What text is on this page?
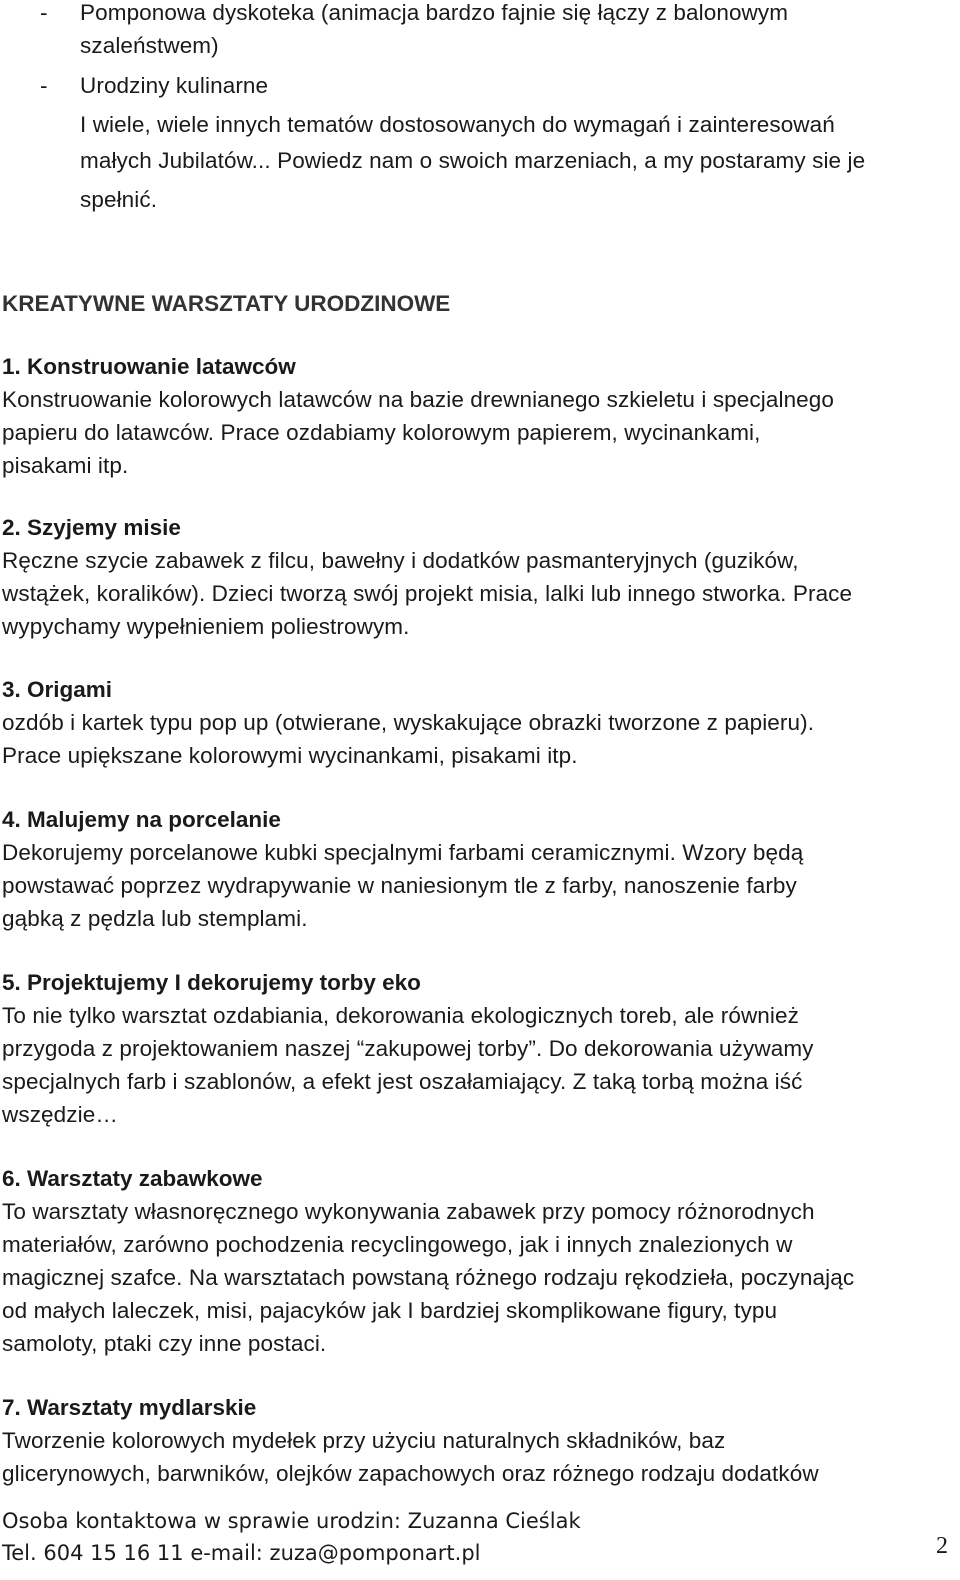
- Pomponowa dyskoteka (animacja bardzo fajnie się łączy z balonowym
szaleństwem)
- Urodziny kulinarne
I wiele, wiele innych tematów dostosowanych do wymagań i zainteresowań
małych Jubilatów... Powiedz nam o swoich marzeniach, a my postaramy sie je
spełnić.
KREATYWNE WARSZTATY URODZINOWE
1. Konstruowanie latawców
Konstruowanie kolorowych latawców na bazie drewnianego szkieletu i specjalnego
papieru do latawców. Prace ozdabiamy kolorowym papierem, wycinankami,
pisakami itp.
2. Szyjemy misie
Ręczne szycie zabawek z filcu, bawełny i dodatków pasmanteryjnych (guzików,
wstążek, koralików). Dzieci tworzą swój projekt misia, lalki lub innego stworka. Prace
wypychamy wypełnieniem poliestrowym.
3. Origami
ozdób i kartek typu pop up (otwierane, wyskakujące obrazki tworzone z papieru).
Prace upiększane kolorowymi wycinankami, pisakami itp.
4. Malujemy na porcelanie
Dekorujemy porcelanowe kubki specjalnymi farbami ceramicznymi. Wzory będą
powstawać poprzez wydrapywanie w naniesionym tle z farby, nanoszenie farby
gąbką z pędzla lub stemplami.
5. Projektujemy I dekorujemy torby eko
To nie tylko warsztat ozdabiania, dekorowania ekologicznych toreb, ale również
przygoda z projektowaniem naszej “zakupowej torby”. Do dekorowania używamy
specjalnych farb i szablonów, a efekt jest oszałamiający. Z taką torbą można iść
wszędzie…
6. Warsztaty zabawkowe
To warsztaty własnoręcznego wykonywania zabawek przy pomocy różnorodnych
materiałów, zarówno pochodzenia recyclingowego, jak i innych znalezionych w
magicznej szafce. Na warsztatach powstaną różnego rodzaju rękodzieła, poczynając
od małych laleczek, misi, pajacyków jak I bardziej skomplikowane figury, typu
samoloty, ptaki czy inne postaci.
7. Warsztaty mydlarskie
Tworzenie kolorowych mydełek przy użyciu naturalnych składników, baz
glicerynowych, barwników, olejków zapachowych oraz różnego rodzaju dodatków
Osoba kontaktowa w sprawie urodzin: Zuzanna Cieślak
Tel. 604 15 16 11 e-mail: zuza@pomponart.pl	2
